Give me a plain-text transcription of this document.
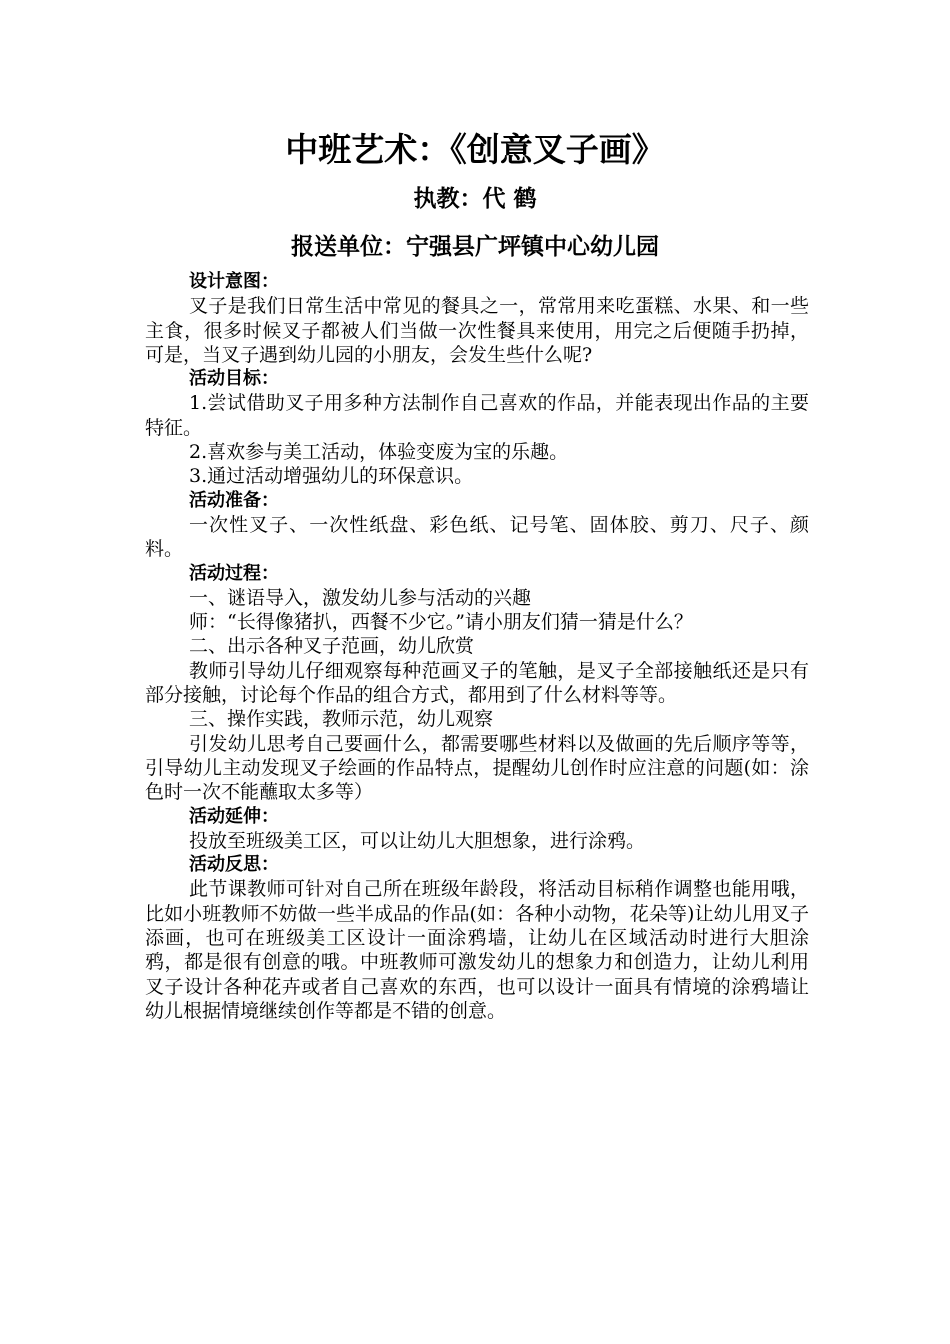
中班艺术：《创意叉子画》
执教：代 鹤
报送单位：宁强县广坪镇中心幼儿园

设计意图：

叉子是我们日常生活中常见的餐具之一，常常用来吃蛋糕、水果、和一些主食，很多时候叉子都被人们当做一次性餐具来使用，用完之后便随手扔掉，可是，当叉子遇到幼儿园的小朋友，会发生些什么呢?

活动目标：

1.尝试借助叉子用多种方法制作自己喜欢的作品，并能表现出作品的主要特征。

2.喜欢参与美工活动，体验变废为宝的乐趣。

3.通过活动增强幼儿的环保意识。

活动准备：

一次性叉子、一次性纸盘、彩色纸、记号笔、固体胶、剪刀、尺子、颜料。

活动过程：

一、谜语导入，激发幼儿参与活动的兴趣

师：“长得像猪扒，西餐不少它。”请小朋友们猜一猜是什么？

二、出示各种叉子范画，幼儿欣赏

教师引导幼儿仔细观察每种范画叉子的笔触，是叉子全部接触纸还是只有部分接触，讨论每个作品的组合方式，都用到了什么材料等等。

三、操作实践，教师示范，幼儿观察

引发幼儿思考自己要画什么，都需要哪些材料以及做画的先后顺序等等，引导幼儿主动发现叉子绘画的作品特点，提醒幼儿创作时应注意的问题(如：涂色时一次不能蘸取太多等）

活动延伸：

投放至班级美工区，可以让幼儿大胆想象，进行涂鸦。

活动反思：

此节课教师可针对自己所在班级年龄段，将活动目标稍作调整也能用哦，比如小班教师不妨做一些半成品的作品(如：各种小动物，花朵等)让幼儿用叉子添画，也可在班级美工区设计一面涂鸦墙，让幼儿在区域活动时进行大胆涂鸦，都是很有创意的哦。中班教师可激发幼儿的想象力和创造力，让幼儿利用叉子设计各种花卉或者自己喜欢的东西，也可以设计一面具有情境的涂鸦墙让幼儿根据情境继续创作等都是不错的创意。
